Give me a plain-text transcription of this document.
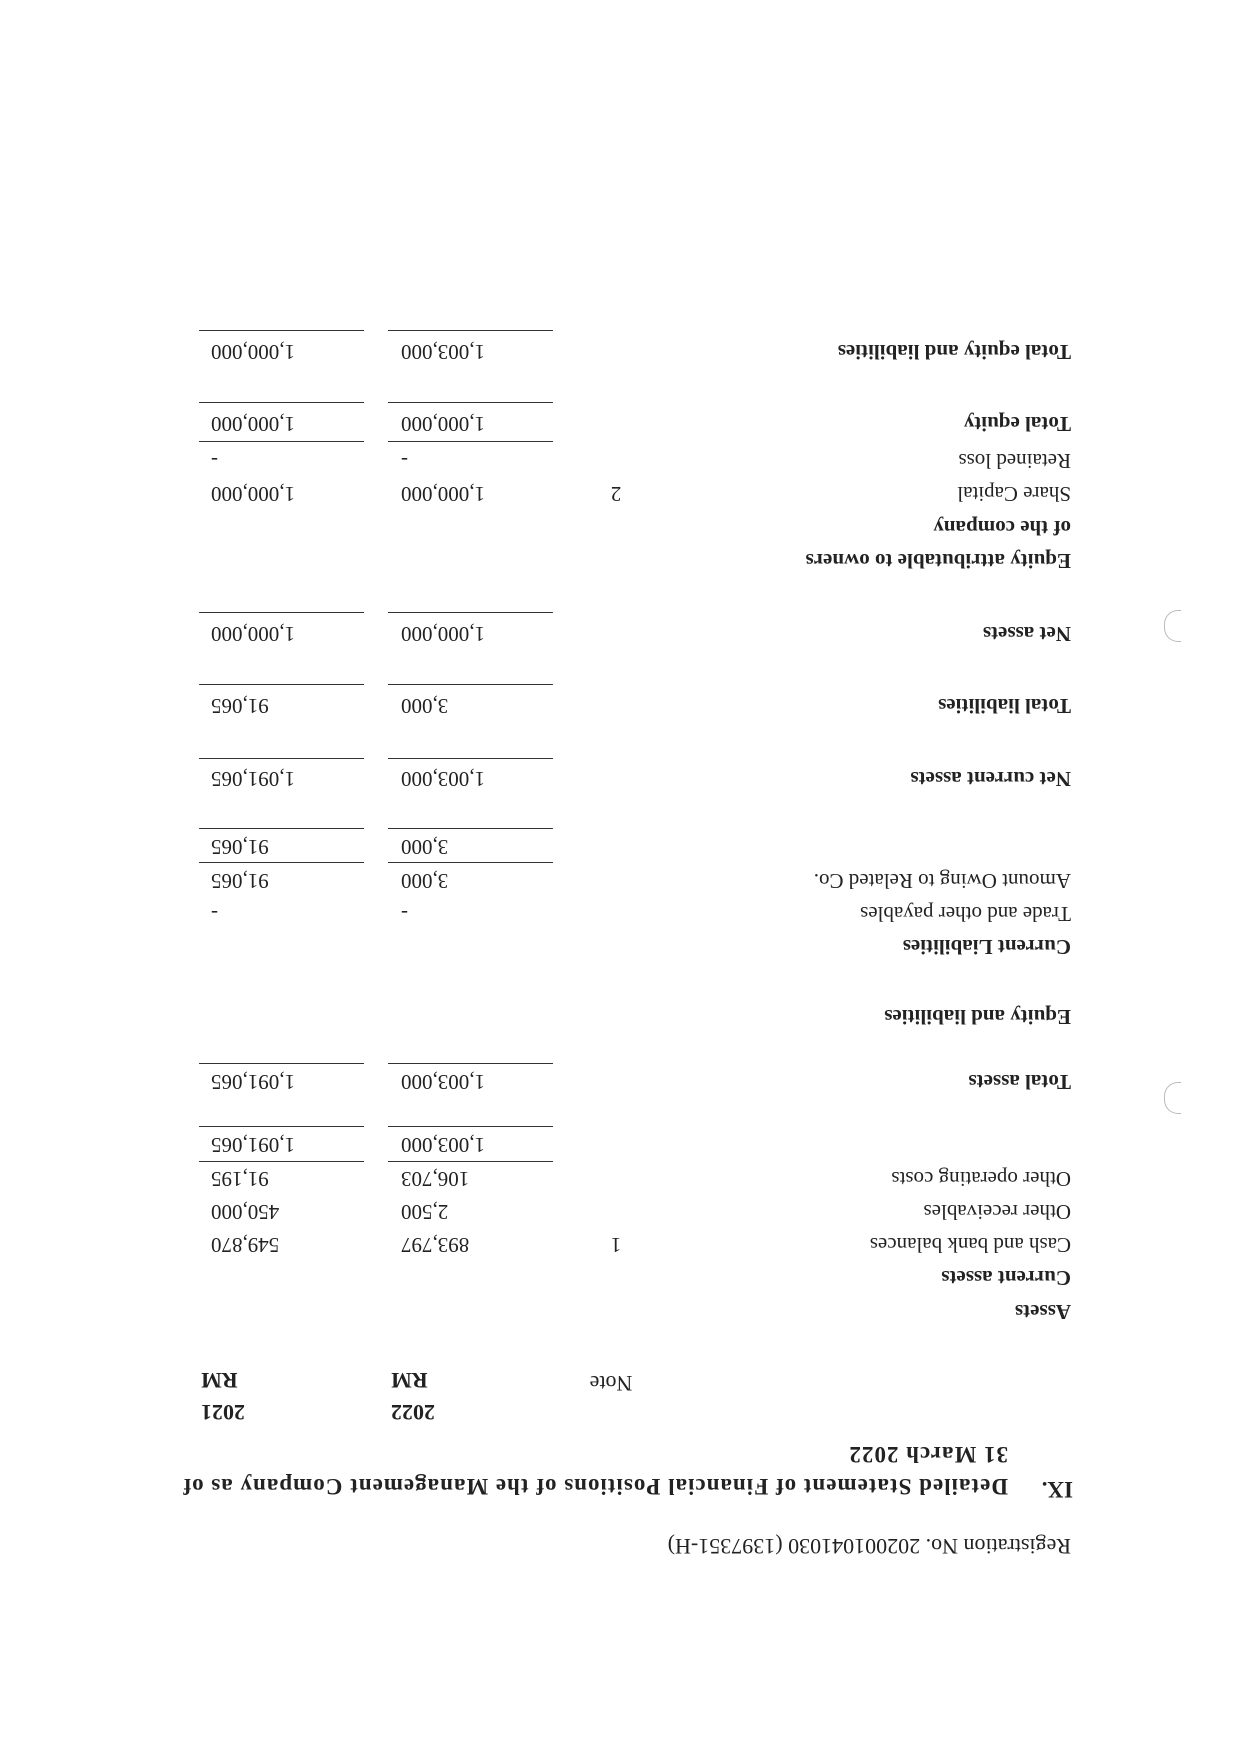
Registration No. 202001041030 (1397351-H)
IX.
Detailed Statement of Financial Positions of the Management Company as of
31 March 2022
2022
RM
2021
RM	Note
Assets
Current assets
Cash and bank balances
1
893,797
549,870
Other receivables
2,500
450,000
Other operating costs
106,703
91,195
1,003,000
1,091,065
Total assets
1,003,000
1,091,065
Equity and liabilities
Current Liabilities
Trade and other payables
-
-
Amount Owing to Related Co.
3,000
91,065
3,000
91,065
Net current assets
1,003,000
1,091,065
Total liabilities
3,000
91,065
Net assets
1,000,000
1,000,000
Equity attributable to owners
of the company
Share Capital
2
1,000,000
1,000,000
Retained loss
-
-
Total equity
1,000,000
1,000,000
Total equity and liabilities
1,003,000
1,000,000
